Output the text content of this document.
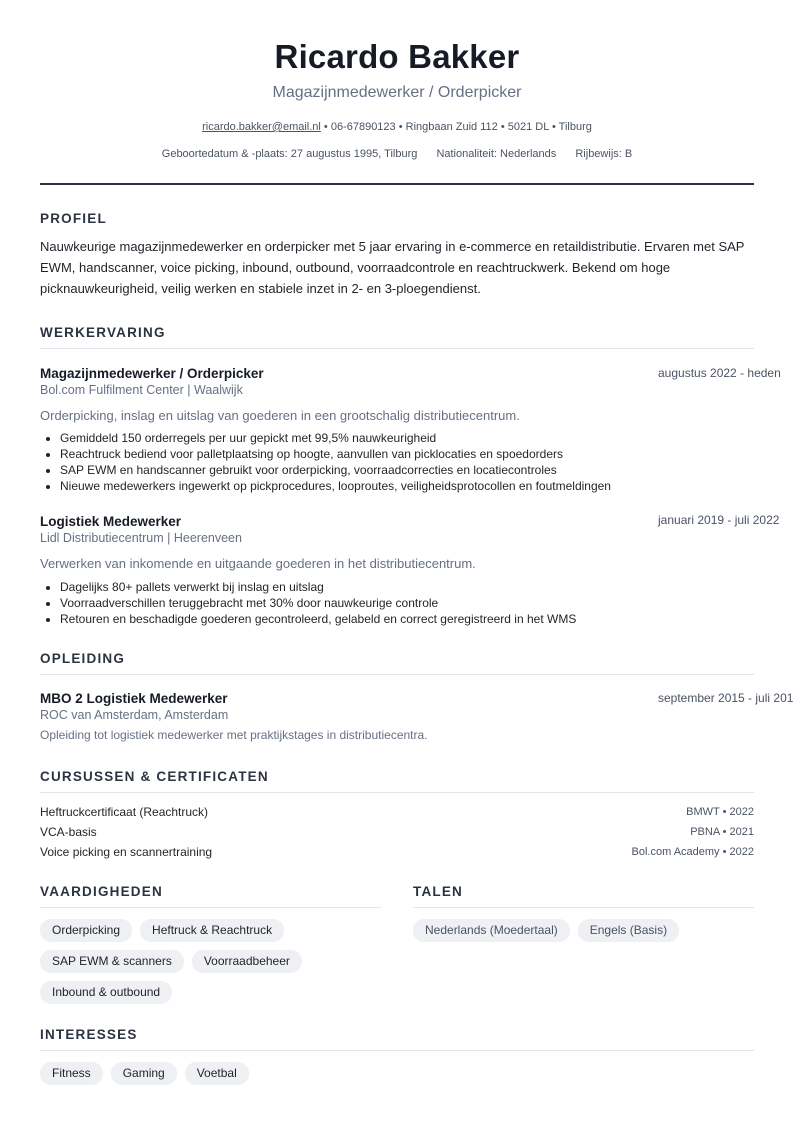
Ricardo Bakker
Magazijnmedewerker / Orderpicker
ricardo.bakker@email.nl • 06-67890123 • Ringbaan Zuid 112 • 5021 DL • Tilburg
Geboortedatum & -plaats: 27 augustus 1995, Tilburg Nationaliteit: Nederlands Rijbewijs: B
PROFIEL
Nauwkeurige magazijnmedewerker en orderpicker met 5 jaar ervaring in e-commerce en retaildistributie. Ervaren met SAP EWM, handscanner, voice picking, inbound, outbound, voorraadcontrole en reachtruckwerk. Bekend om hoge picknauwkeurigheid, veilig werken en stabiele inzet in 2- en 3-ploegendienst.
WERKERVARING
Magazijnmedewerker / Orderpicker	augustus 2022 - heden
Bol.com Fulfilment Center | Waalwijk
Orderpicking, inslag en uitslag van goederen in een grootschalig distributiecentrum.
• Gemiddeld 150 orderregels per uur gepickt met 99,5% nauwkeurigheid
• Reachtruck bediend voor palletplaatsing op hoogte, aanvullen van picklocaties en spoedorders
• SAP EWM en handscanner gebruikt voor orderpicking, voorraadcorrecties en locatiecontroles
• Nieuwe medewerkers ingewerkt op pickprocedures, looproutes, veiligheidsprotocollen en foutmeldingen
Logistiek Medewerker	januari 2019 - juli 2022
Lidl Distributiecentrum | Heerenveen
Verwerken van inkomende en uitgaande goederen in het distributiecentrum.
• Dagelijks 80+ pallets verwerkt bij inslag en uitslag
• Voorraadverschillen teruggebracht met 30% door nauwkeurige controle
• Retouren en beschadigde goederen gecontroleerd, gelabeld en correct geregistreerd in het WMS
OPLEIDING
MBO 2 Logistiek Medewerker	september 2015 - juli 201
ROC van Amsterdam, Amsterdam
Opleiding tot logistiek medewerker met praktijkstages in distributiecentra.
CURSUSSEN & CERTIFICATEN
Heftruckcertificaat (Reachtruck)	BMWT • 2022
VCA-basis	PBNA • 2021
Voice picking en scannertraining	Bol.com Academy • 2022
VAARDIGHEDEN
Orderpicking	Heftruck & Reachtruck
SAP EWM & scanners	Voorraadbeheer
Inbound & outbound
TALEN
Nederlands (Moedertaal)	Engels (Basis)
INTERESSES
Fitness	Gaming	Voetbal
